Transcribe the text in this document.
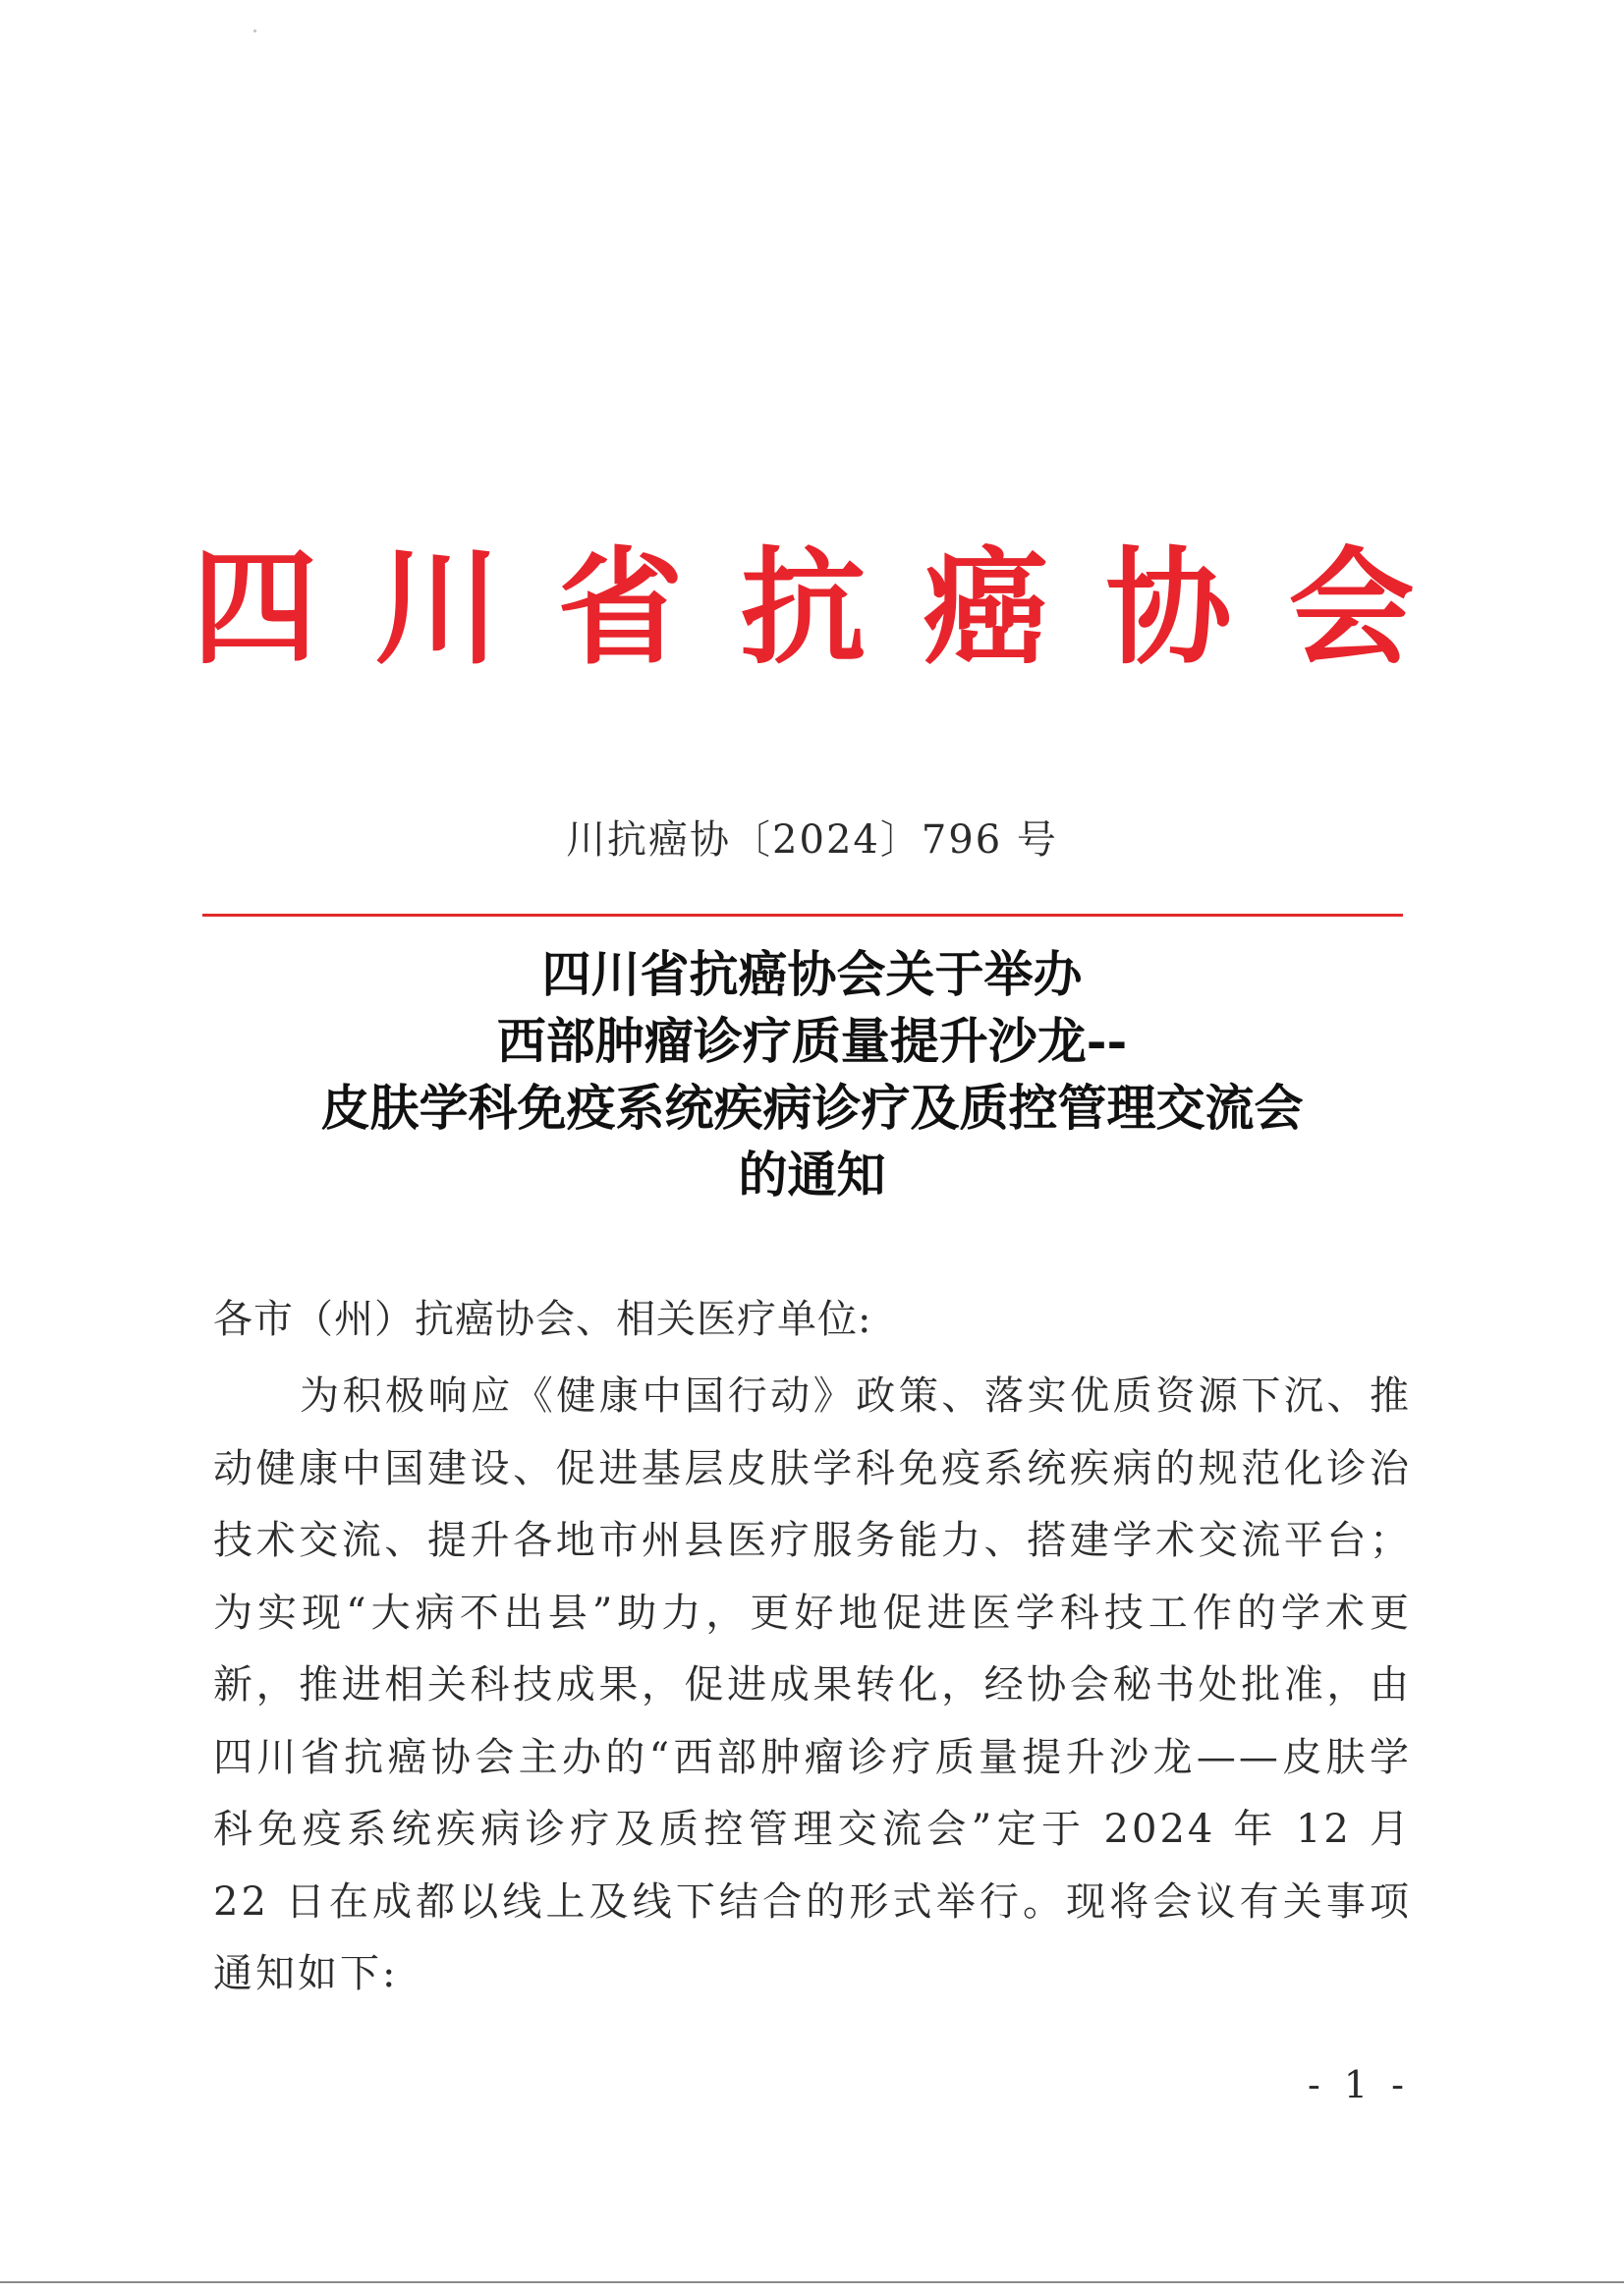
四川省抗癌协会
川抗癌协〔2024〕796 号
四川省抗癌协会关于举办
西部肿瘤诊疗质量提升沙龙--
皮肤学科免疫系统疾病诊疗及质控管理交流会
的通知
各市（州）抗癌协会、相关医疗单位:

为积极响应《健康中国行动》政策、落实优质资源下沉、推动健康中国建设、促进基层皮肤学科免疫系统疾病的规范化诊治技术交流、提升各地市州县医疗服务能力、搭建学术交流平台；为实现“大病不出县”助力，更好地促进医学科技工作的学术更新，推进相关科技成果，促进成果转化，经协会秘书处批准，由四川省抗癌协会主办的“西部肿瘤诊疗质量提升沙龙——皮肤学科免疫系统疾病诊疗及质控管理交流会”定于 2024 年 12 月 22 日在成都以线上及线下结合的形式举行。现将会议有关事项通知如下:

- 1 -
